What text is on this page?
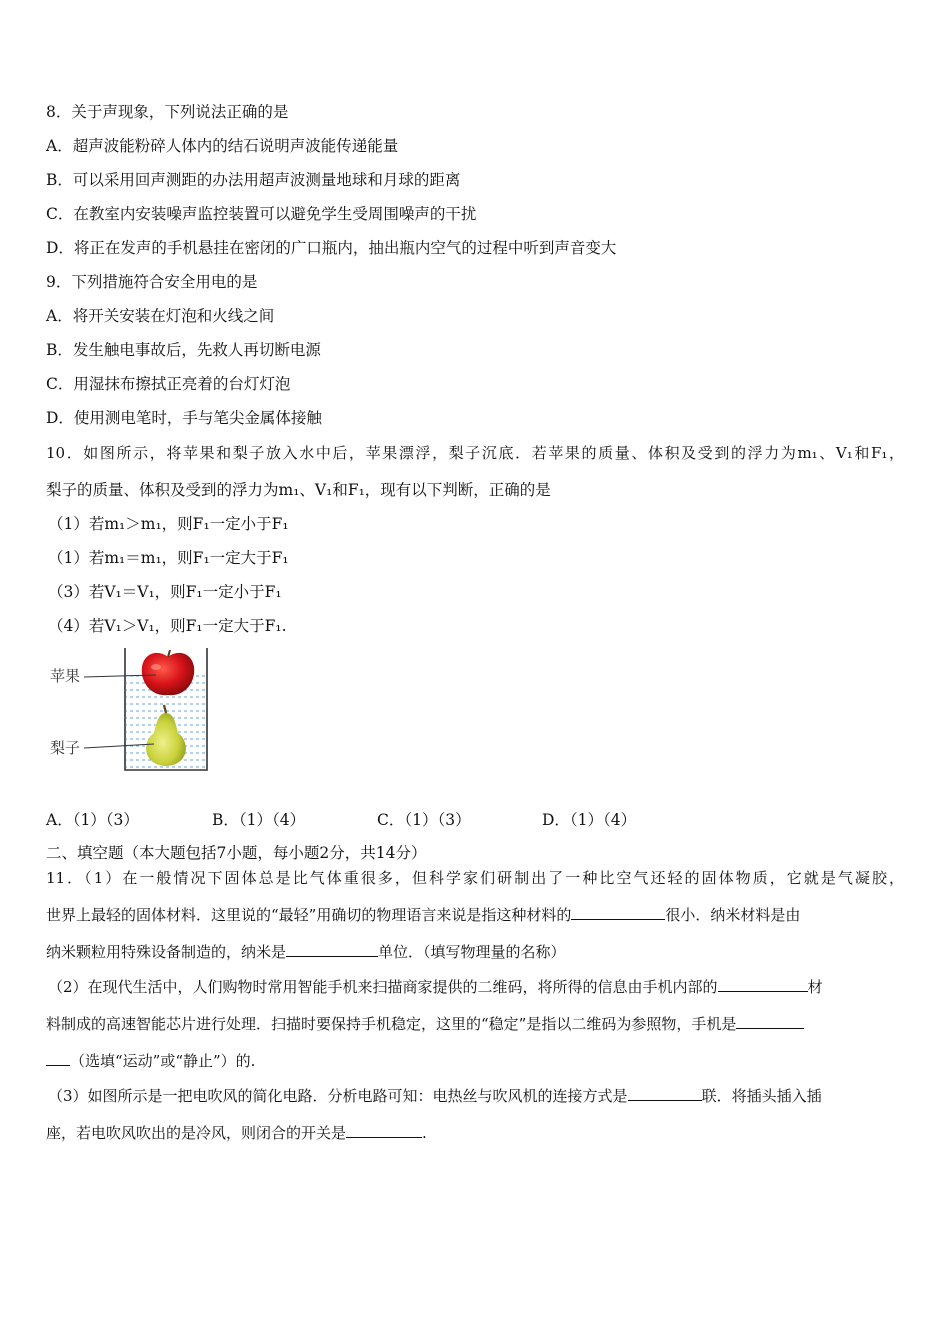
8．关于声现象，下列说法正确的是
A．超声波能粉碎人体内的结石说明声波能传递能量
B．可以采用回声测距的办法用超声波测量地球和月球的距离
C．在教室内安装噪声监控装置可以避免学生受周围噪声的干扰
D．将正在发声的手机悬挂在密闭的广口瓶内，抽出瓶内空气的过程中听到声音变大
9．下列措施符合安全用电的是
A．将开关安装在灯泡和火线之间
B．发生触电事故后，先救人再切断电源
C．用湿抹布擦拭正亮着的台灯灯泡
D．使用测电笔时，手与笔尖金属体接触
10．如图所示，将苹果和梨子放入水中后，苹果漂浮，梨子沉底．若苹果的质量、体积及受到的浮力为m₁、V₁和F₁，
梨子的质量、体积及受到的浮力为m₁、V₁和F₁，现有以下判断，正确的是
（1）若m₁＞m₁，则F₁一定小于F₁
（1）若m₁＝m₁，则F₁一定大于F₁
（3）若V₁＝V₁，则F₁一定小于F₁
（4）若V₁＞V₁，则F₁一定大于F₁.
苹果
梨子
A．（1）（3）	B．（1）（4）	C．（1）（3）	D．（1）（4）
二、填空题（本大题包括7小题，每小题2分，共14分）
11．（1）在一般情况下固体总是比气体重很多，但科学家们研制出了一种比空气还轻的固体物质，它就是气凝胶，
世界上最轻的固体材料．这里说的“最轻”用确切的物理语言来说是指这种材料的	很小．纳米材料是由
纳米颗粒用特殊设备制造的，纳米是	单位．（填写物理量的名称）
（2）在现代生活中，人们购物时常用智能手机来扫描商家提供的二维码，将所得的信息由手机内部的	材
料制成的高速智能芯片进行处理．扫描时要保持手机稳定，这里的“稳定”是指以二维码为参照物，手机是
（选填“运动”或“静止”）的.
（3）如图所示是一把电吹风的简化电路．分析电路可知：电热丝与吹风机的连接方式是	联．将插头插入插
座，若电吹风吹出的是冷风，则闭合的开关是	.
